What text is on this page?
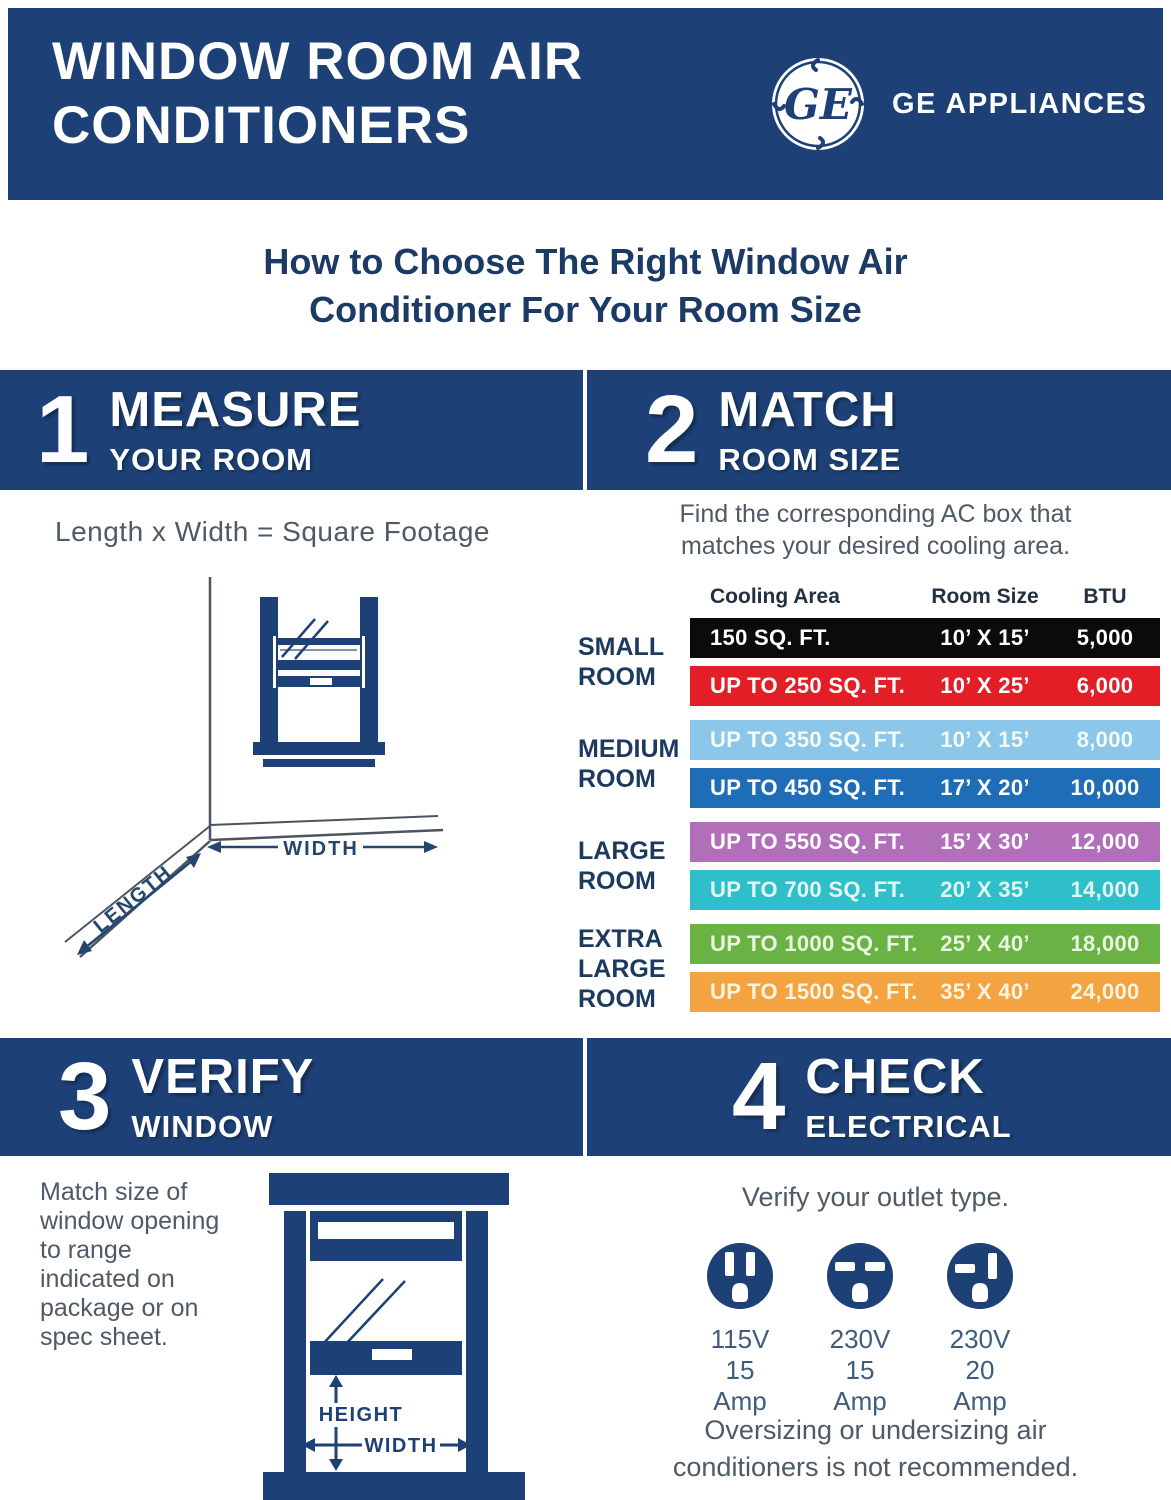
WINDOW ROOM AIR
CONDITIONERS	GE GE APPLIANCES
How to Choose The Right Window Air
Conditioner For Your Room Size
1 MEASURE
YOUR ROOM	2 MATCH
ROOM SIZE
Length x Width = Square Footage
WIDTH
LENGTH
Find the corresponding AC box that
matches your desired cooling area.
Cooling Area	Room Size	BTU
SMALL
ROOM
150 SQ. FT.	10’ X 15’	5,000
UP TO 250 SQ. FT.	10’ X 25’	6,000
MEDIUM
ROOM
UP TO 350 SQ. FT.	10’ X 15’	8,000
UP TO 450 SQ. FT.	17’ X 20’	10,000
LARGE
ROOM
UP TO 550 SQ. FT.	15’ X 30’	12,000
UP TO 700 SQ. FT.	20’ X 35’	14,000
EXTRA
LARGE
ROOM
UP TO 1000 SQ. FT.	25’ X 40’	18,000
UP TO 1500 SQ. FT.	35’ X 40’	24,000
3 VERIFY
WINDOW	4 CHECK
ELECTRICAL
Match size of
window opening
to range
indicated on
package or on
spec sheet.
HEIGHT
WIDTH
Verify your outlet type.
115V
15 Amp
230V
15 Amp
230V
20 Amp
Oversizing or undersizing air
conditioners is not recommended.
